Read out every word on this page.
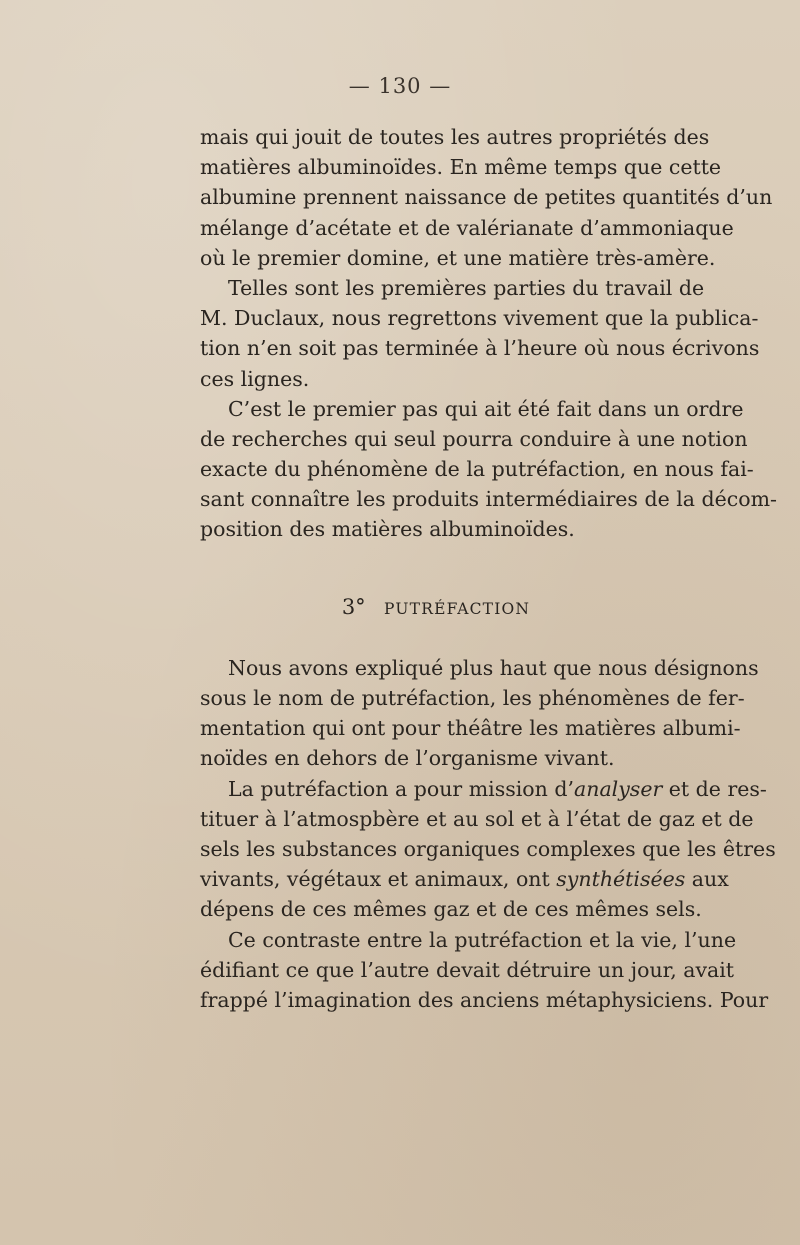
— 130 —
mais qui jouit de toutes les autres propriétés des
matières albuminoïdes. En même temps que cette
albumine prennent naissance de petites quantités d’un
mélange d’acétate et de valérianate d’ammoniaque
où le premier domine, et une matière très-amère.
Telles sont les premières parties du travail de
M. Duclaux, nous regrettons vivement que la publica-
tion n’en soit pas terminée à l’heure où nous écrivons
ces lignes.
C’est le premier pas qui ait été fait dans un ordre
de recherches qui seul pourra conduire à une notion
exacte du phénomène de la putréfaction, en nous fai-
sant connaître les produits intermédiaires de la décom-
position des matières albuminoïdes.
3° PUTRÉFACTION
Nous avons expliqué plus haut que nous désignons
sous le nom de putréfaction, les phénomènes de fer-
mentation qui ont pour théâtre les matières albumi-
noïdes en dehors de l’organisme vivant.
La putréfaction a pour mission d’analyser et de res-
tituer à l’atmospbère et au sol et à l’état de gaz et de
sels les substances organiques complexes que les êtres
vivants, végétaux et animaux, ont synthétisées aux
dépens de ces mêmes gaz et de ces mêmes sels.
Ce contraste entre la putréfaction et la vie, l’une
édifiant ce que l’autre devait détruire un jour, avait
frappé l’imagination des anciens métaphysiciens. Pour
